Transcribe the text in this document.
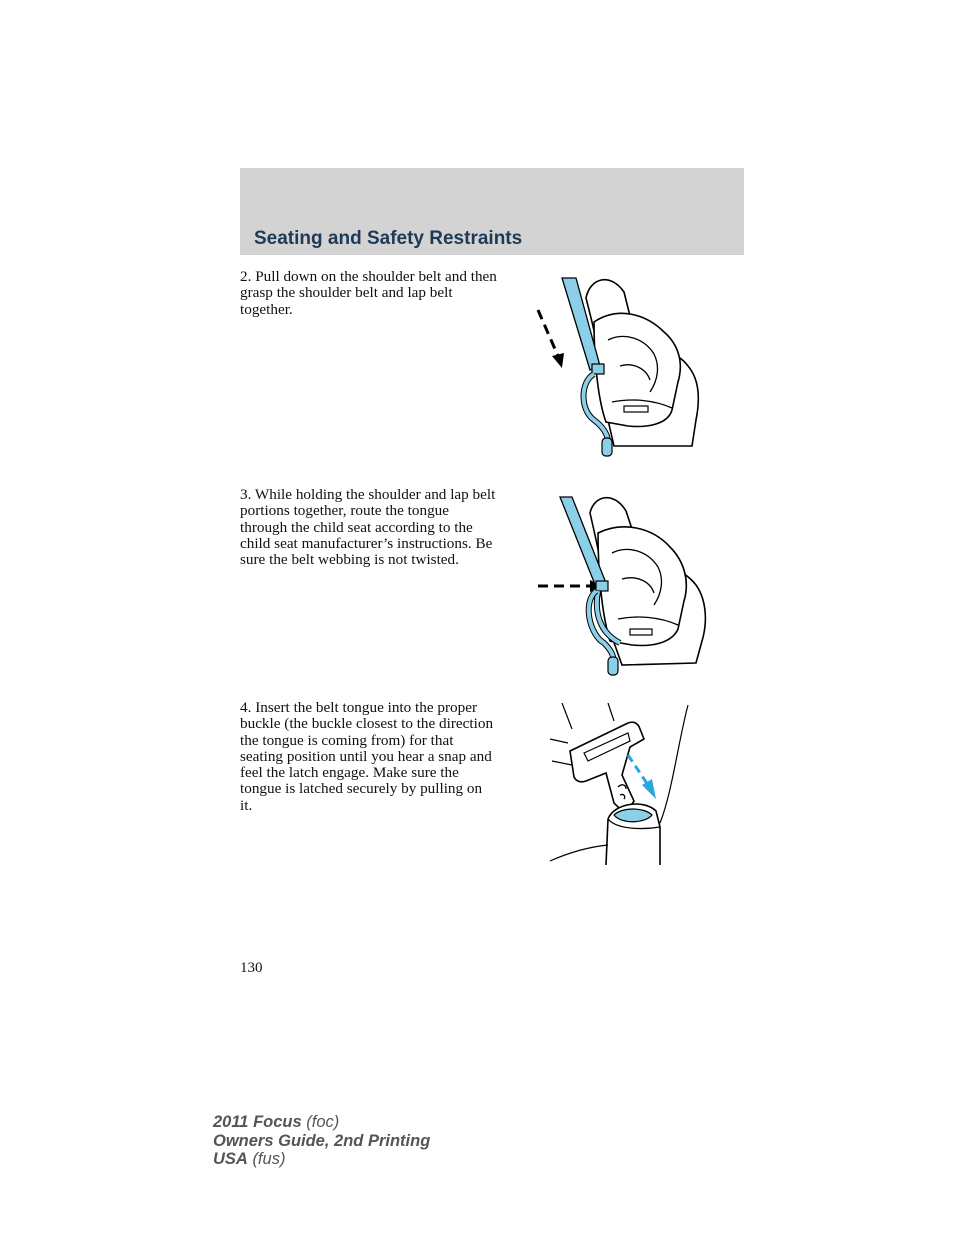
Seating and Safety Restraints
2. Pull down on the shoulder belt and then grasp the shoulder belt and lap belt together.
3. While holding the shoulder and lap belt portions together, route the tongue through the child seat according to the child seat manufacturer’s instructions. Be sure the belt webbing is not twisted.
4. Insert the belt tongue into the proper buckle (the buckle closest to the direction the tongue is coming from) for that seating position until you hear a snap and feel the latch engage. Make sure the tongue is latched securely by pulling on it.
130
2011 Focus (foc)
Owners Guide, 2nd Printing
USA (fus)
